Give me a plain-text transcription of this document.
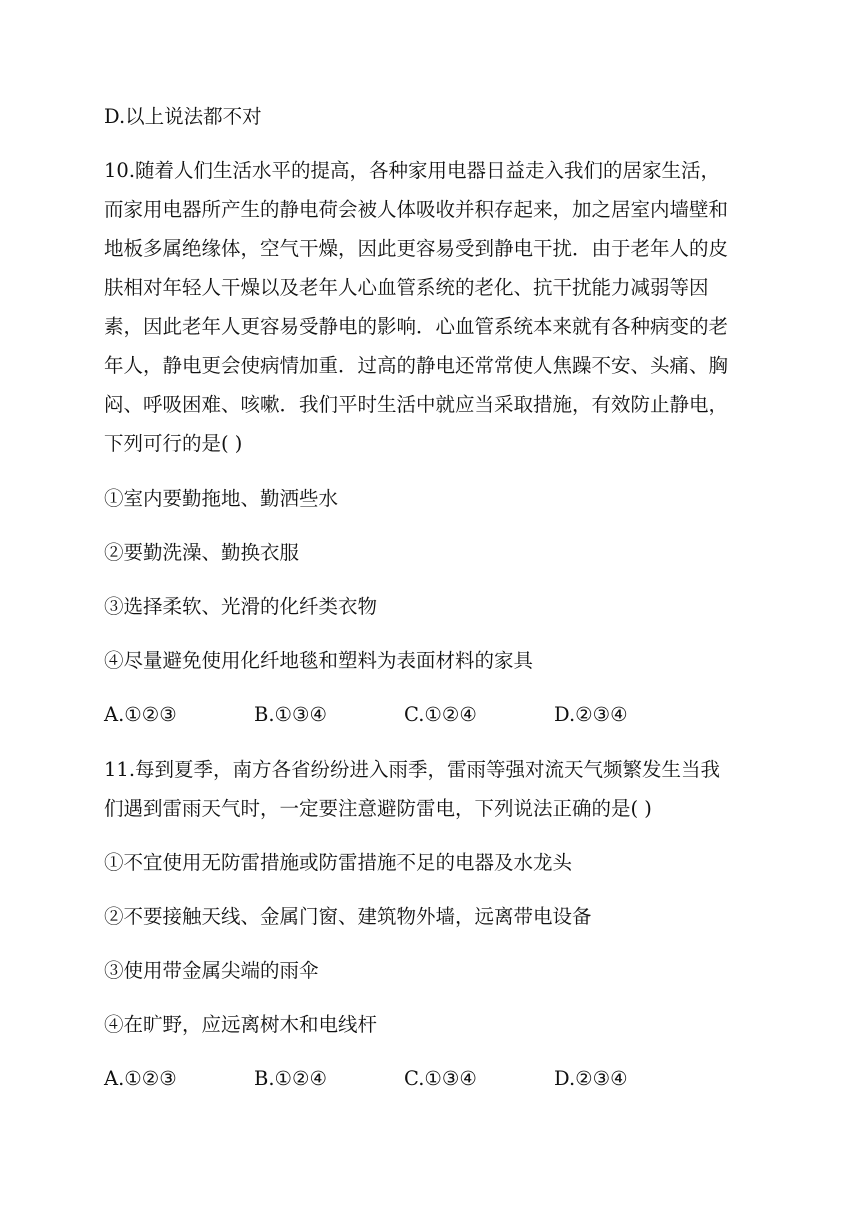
D.以上说法都不对
10.随着人们生活水平的提高，各种家用电器日益走入我们的居家生活，
而家用电器所产生的静电荷会被人体吸收并积存起来，加之居室内墙壁和
地板多属绝缘体，空气干燥，因此更容易受到静电干扰．由于老年人的皮
肤相对年轻人干燥以及老年人心血管系统的老化、抗干扰能力减弱等因
素，因此老年人更容易受静电的影响．心血管系统本来就有各种病变的老
年人，静电更会使病情加重．过高的静电还常常使人焦躁不安、头痛、胸
闷、呼吸困难、咳嗽．我们平时生活中就应当采取措施，有效防止静电，
下列可行的是( )
①室内要勤拖地、勤洒些水
②要勤洗澡、勤换衣服
③选择柔软、光滑的化纤类衣物
④尽量避免使用化纤地毯和塑料为表面材料的家具
A.①②③	B.①③④	C.①②④	D.②③④
11.每到夏季，南方各省纷纷进入雨季，雷雨等强对流天气频繁发生当我
们遇到雷雨天气时，一定要注意避防雷电，下列说法正确的是( )
①不宜使用无防雷措施或防雷措施不足的电器及水龙头
②不要接触天线、金属门窗、建筑物外墙，远离带电设备
③使用带金属尖端的雨伞
④在旷野，应远离树木和电线杆
A.①②③	B.①②④	C.①③④	D.②③④
